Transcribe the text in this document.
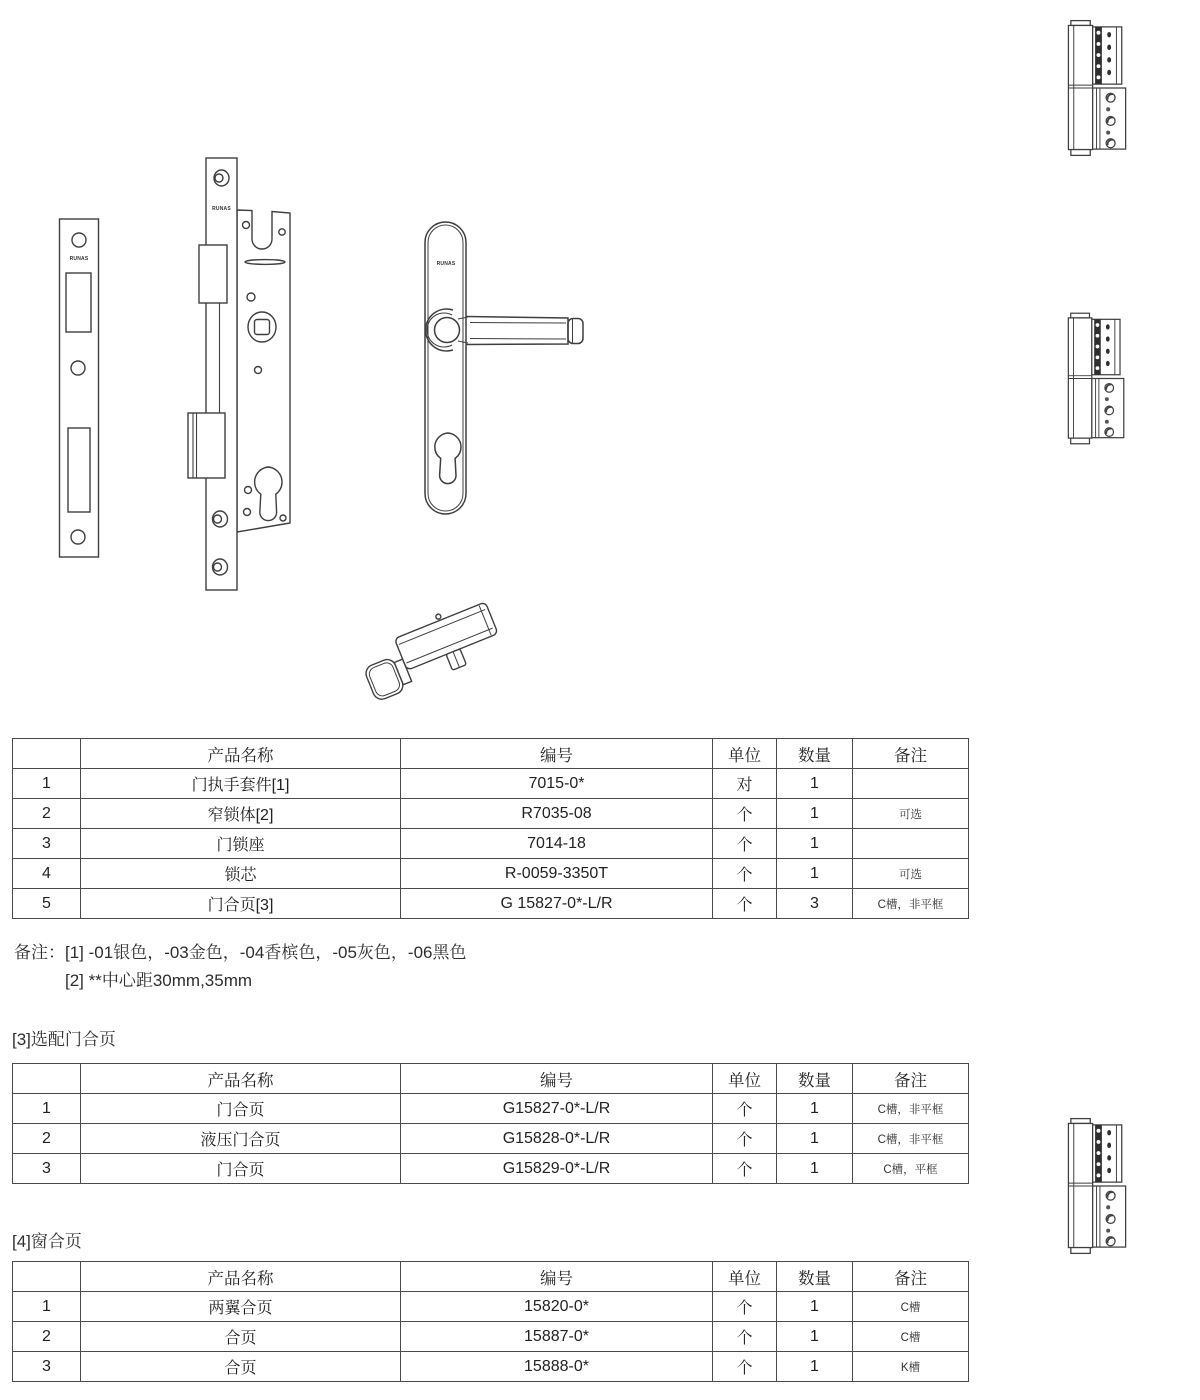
RUNAS
RUNAS
RUNAS
	产品名称	编号	单位	数量	备注
1	门执手套件[1]	7015-0*	对	1	
2	窄锁体[2]	R7035-08	个	1	可选
3	门锁座	7014-18	个	1	
4	锁芯	R-0059-3350T	个	1	可选
5	门合页[3]	G 15827-0*-L/R	个	3	C槽，非平框
备注： [1] -01银色，-03金色，-04香槟色，-05灰色，-06黑色
[2] **中心距30mm,35mm
[3]选配门合页
	产品名称	编号	单位	数量	备注
1	门合页	G15827-0*-L/R	个	1	C槽，非平框
2	液压门合页	G15828-0*-L/R	个	1	C槽，非平框
3	门合页	G15829-0*-L/R	个	1	C槽，平框
[4]窗合页
	产品名称	编号	单位	数量	备注
1	两翼合页	15820-0*	个	1	C槽
2	合页	15887-0*	个	1	C槽
3	合页	15888-0*	个	1	K槽
